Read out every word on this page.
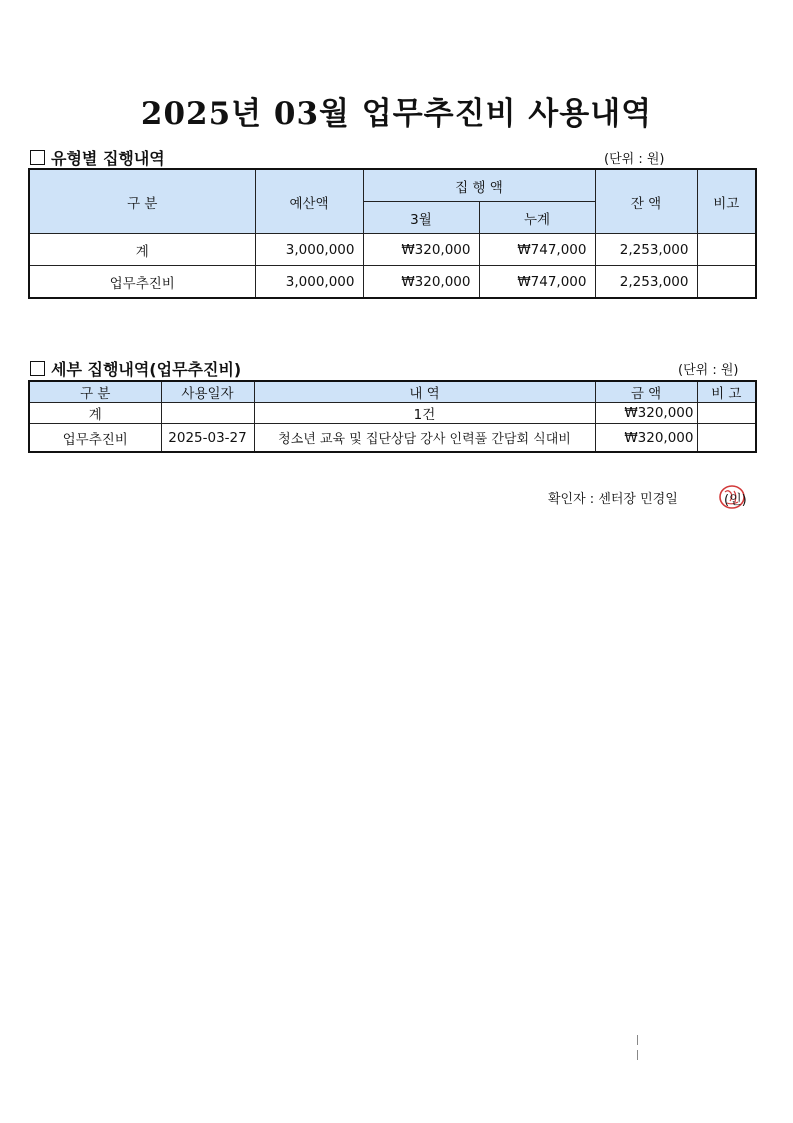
2025년 03월 업무추진비 사용내역
유형별 집행내역	(단위 : 원)
구 분	예산액	집 행 액		잔 액	비고
		3월	누계		
계	3,000,000	₩320,000	₩747,000	2,253,000	
업무추진비	3,000,000	₩320,000	₩747,000	2,253,000	
세부 집행내역(업무추진비)	(단위 : 원)
구 분	사용일자	내 역	금 액	비 고
계		1건	₩320,000	
업무추진비	2025-03-27	청소년 교육 및 집단상담 강사 인력풀 간담회 식대비	₩320,000	
확인자 : 센터장 민경일	(인)
